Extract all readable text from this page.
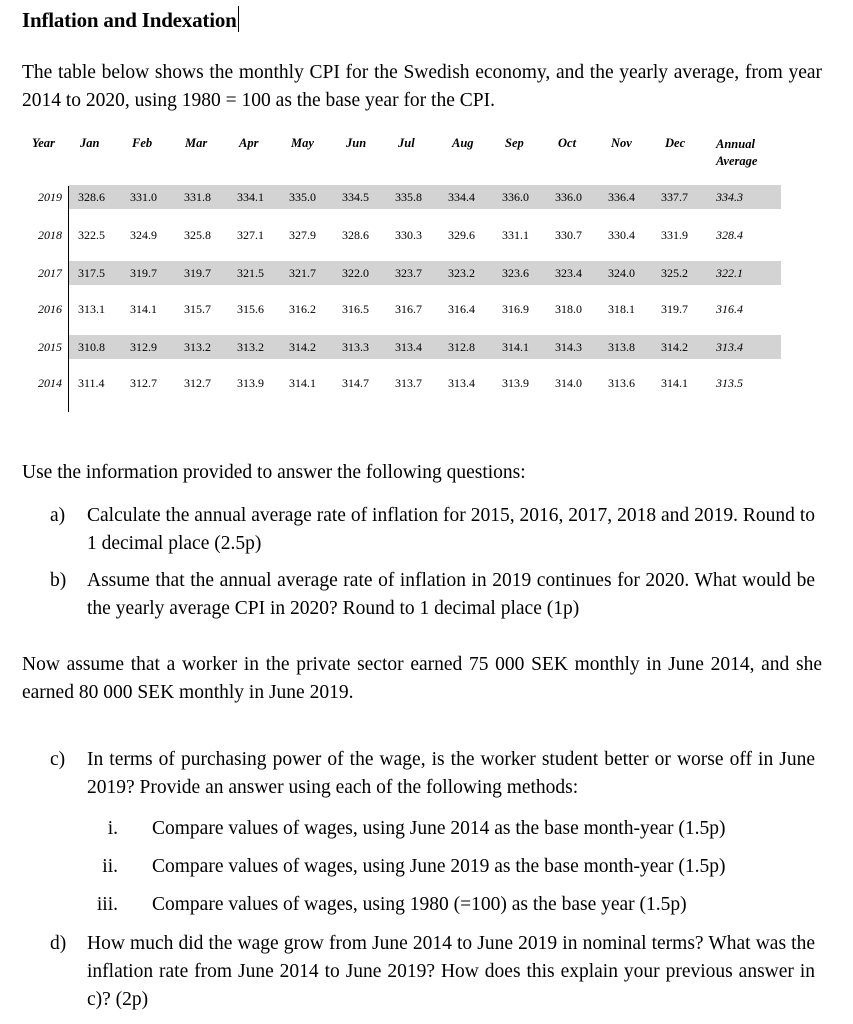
Inflation and Indexation
The table below shows the monthly CPI for the Swedish economy, and the yearly average, from year 2014 to 2020, using 1980 = 100 as the base year for the CPI.
Year Jan	Feb	Mar	Apr	May	Jun	Jul	Aug	Sep	Oct	Nov	Dec Annual
Average
2019 328.6 331.0 331.8 334.1 335.0 334.5 335.8 334.4 336.0 336.0 336.4 337.7 334.3
2018 322.5 324.9 325.8 327.1 327.9 328.6 330.3 329.6 331.1 330.7 330.4 331.9 328.4
2017 317.5 319.7 319.7 321.5 321.7 322.0 323.7 323.2 323.6 323.4 324.0 325.2 322.1
2016 313.1 314.1 315.7 315.6 316.2 316.5 316.7 316.4 316.9 318.0 318.1 319.7 316.4
2015 310.8 312.9 313.2 313.2 314.2 313.3 313.4 312.8 314.1 314.3 313.8 314.2 313.4
2014 311.4 312.7 312.7 313.9 314.1 314.7 313.7 313.4 313.9 314.0 313.6 314.1 313.5
Use the information provided to answer the following questions:
a) Calculate the annual average rate of inflation for 2015, 2016, 2017, 2018 and 2019. Round to 1 decimal place (2.5p)
b) Assume that the annual average rate of inflation in 2019 continues for 2020. What would be the yearly average CPI in 2020? Round to 1 decimal place (1p)
Now assume that a worker in the private sector earned 75 000 SEK monthly in June 2014, and she earned 80 000 SEK monthly in June 2019.
c) In terms of purchasing power of the wage, is the worker student better or worse off in June 2019? Provide an answer using each of the following methods:
i. Compare values of wages, using June 2014 as the base month-year (1.5p)
ii. Compare values of wages, using June 2019 as the base month-year (1.5p)
iii. Compare values of wages, using 1980 (=100) as the base year (1.5p)
d) How much did the wage grow from June 2014 to June 2019 in nominal terms? What was the inflation rate from June 2014 to June 2019? How does this explain your previous answer in c)? (2p)
